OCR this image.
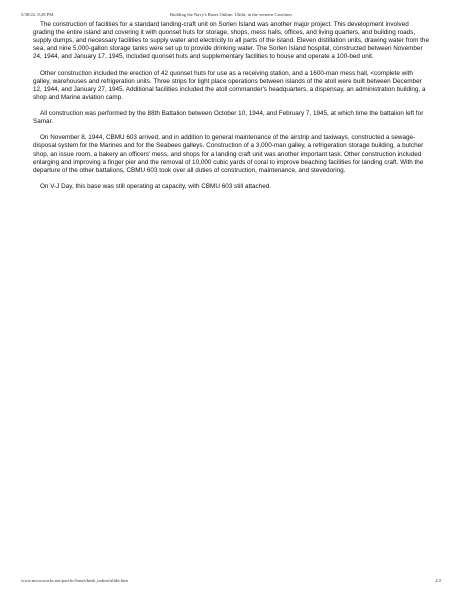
5/30/22, 8:28 PM	Building the Navy's Bases Online: Ulithi, in the western Carolines

The construction of facilities for a standard landing-craft unit on Sorlen Island was another major project. This development involved grading the entire island and covering it with quonset huts for storage, shops, mess halls, offices, and living quarters, and building roads, supply dumps, and necessary facilities to supply water and electricity to all parts of the island. Eleven distillation units, drawing water from the sea, and nine 5,000-gallon storage tanks were set up to provide drinking water. The Sorlen Island hospital, constructed between November 24, 1944, and January 17, 1945, included quonset huts and supplementary facilities to house and operate a 100-bed unit.

Other construction included the erection of 42 quonset huts for use as a receiving station, and a 1600-man mess hall, <complete with galley, warehouses and refrigeration units. Three strips for light place operations between islands of the atoll were built between December 12, 1944, and January 27, 1945. Additional facilities included the atoll commander's headquarters, a dispensay, an administration building, a shop and Marine aviation camp.

All construction was performed by the 88th Battalion between October 10, 1944, and February 7, 1945, at which time the battalion left for Samar.

On November 8, 1944, CBMU 603 arrived, and in addition to general maintenance of the airstrip and taxiways, constructed a sewage-disposal system for the Marines and for the Seabees galleys. Construction of a 3,000-man galley, a refrigeration storage building, a butcher shop, an issue room, a bakery an officers' mess, and shops for a landing craft unit was another important task. Other construction included enlarging and improving a finger pier and the removal of 10,000 cubic yards of coral to improve beaching facilities for landing craft. With the departure of the other battalions, CBMU 603 took over all duties of construction, maintenance, and stevedoring.

On V-J Day, this base was still operating at capacity, with CBMU 603 still attached.

www.microworks.net/pacific/bases/btnb_online/ulithi.htm	2/2
